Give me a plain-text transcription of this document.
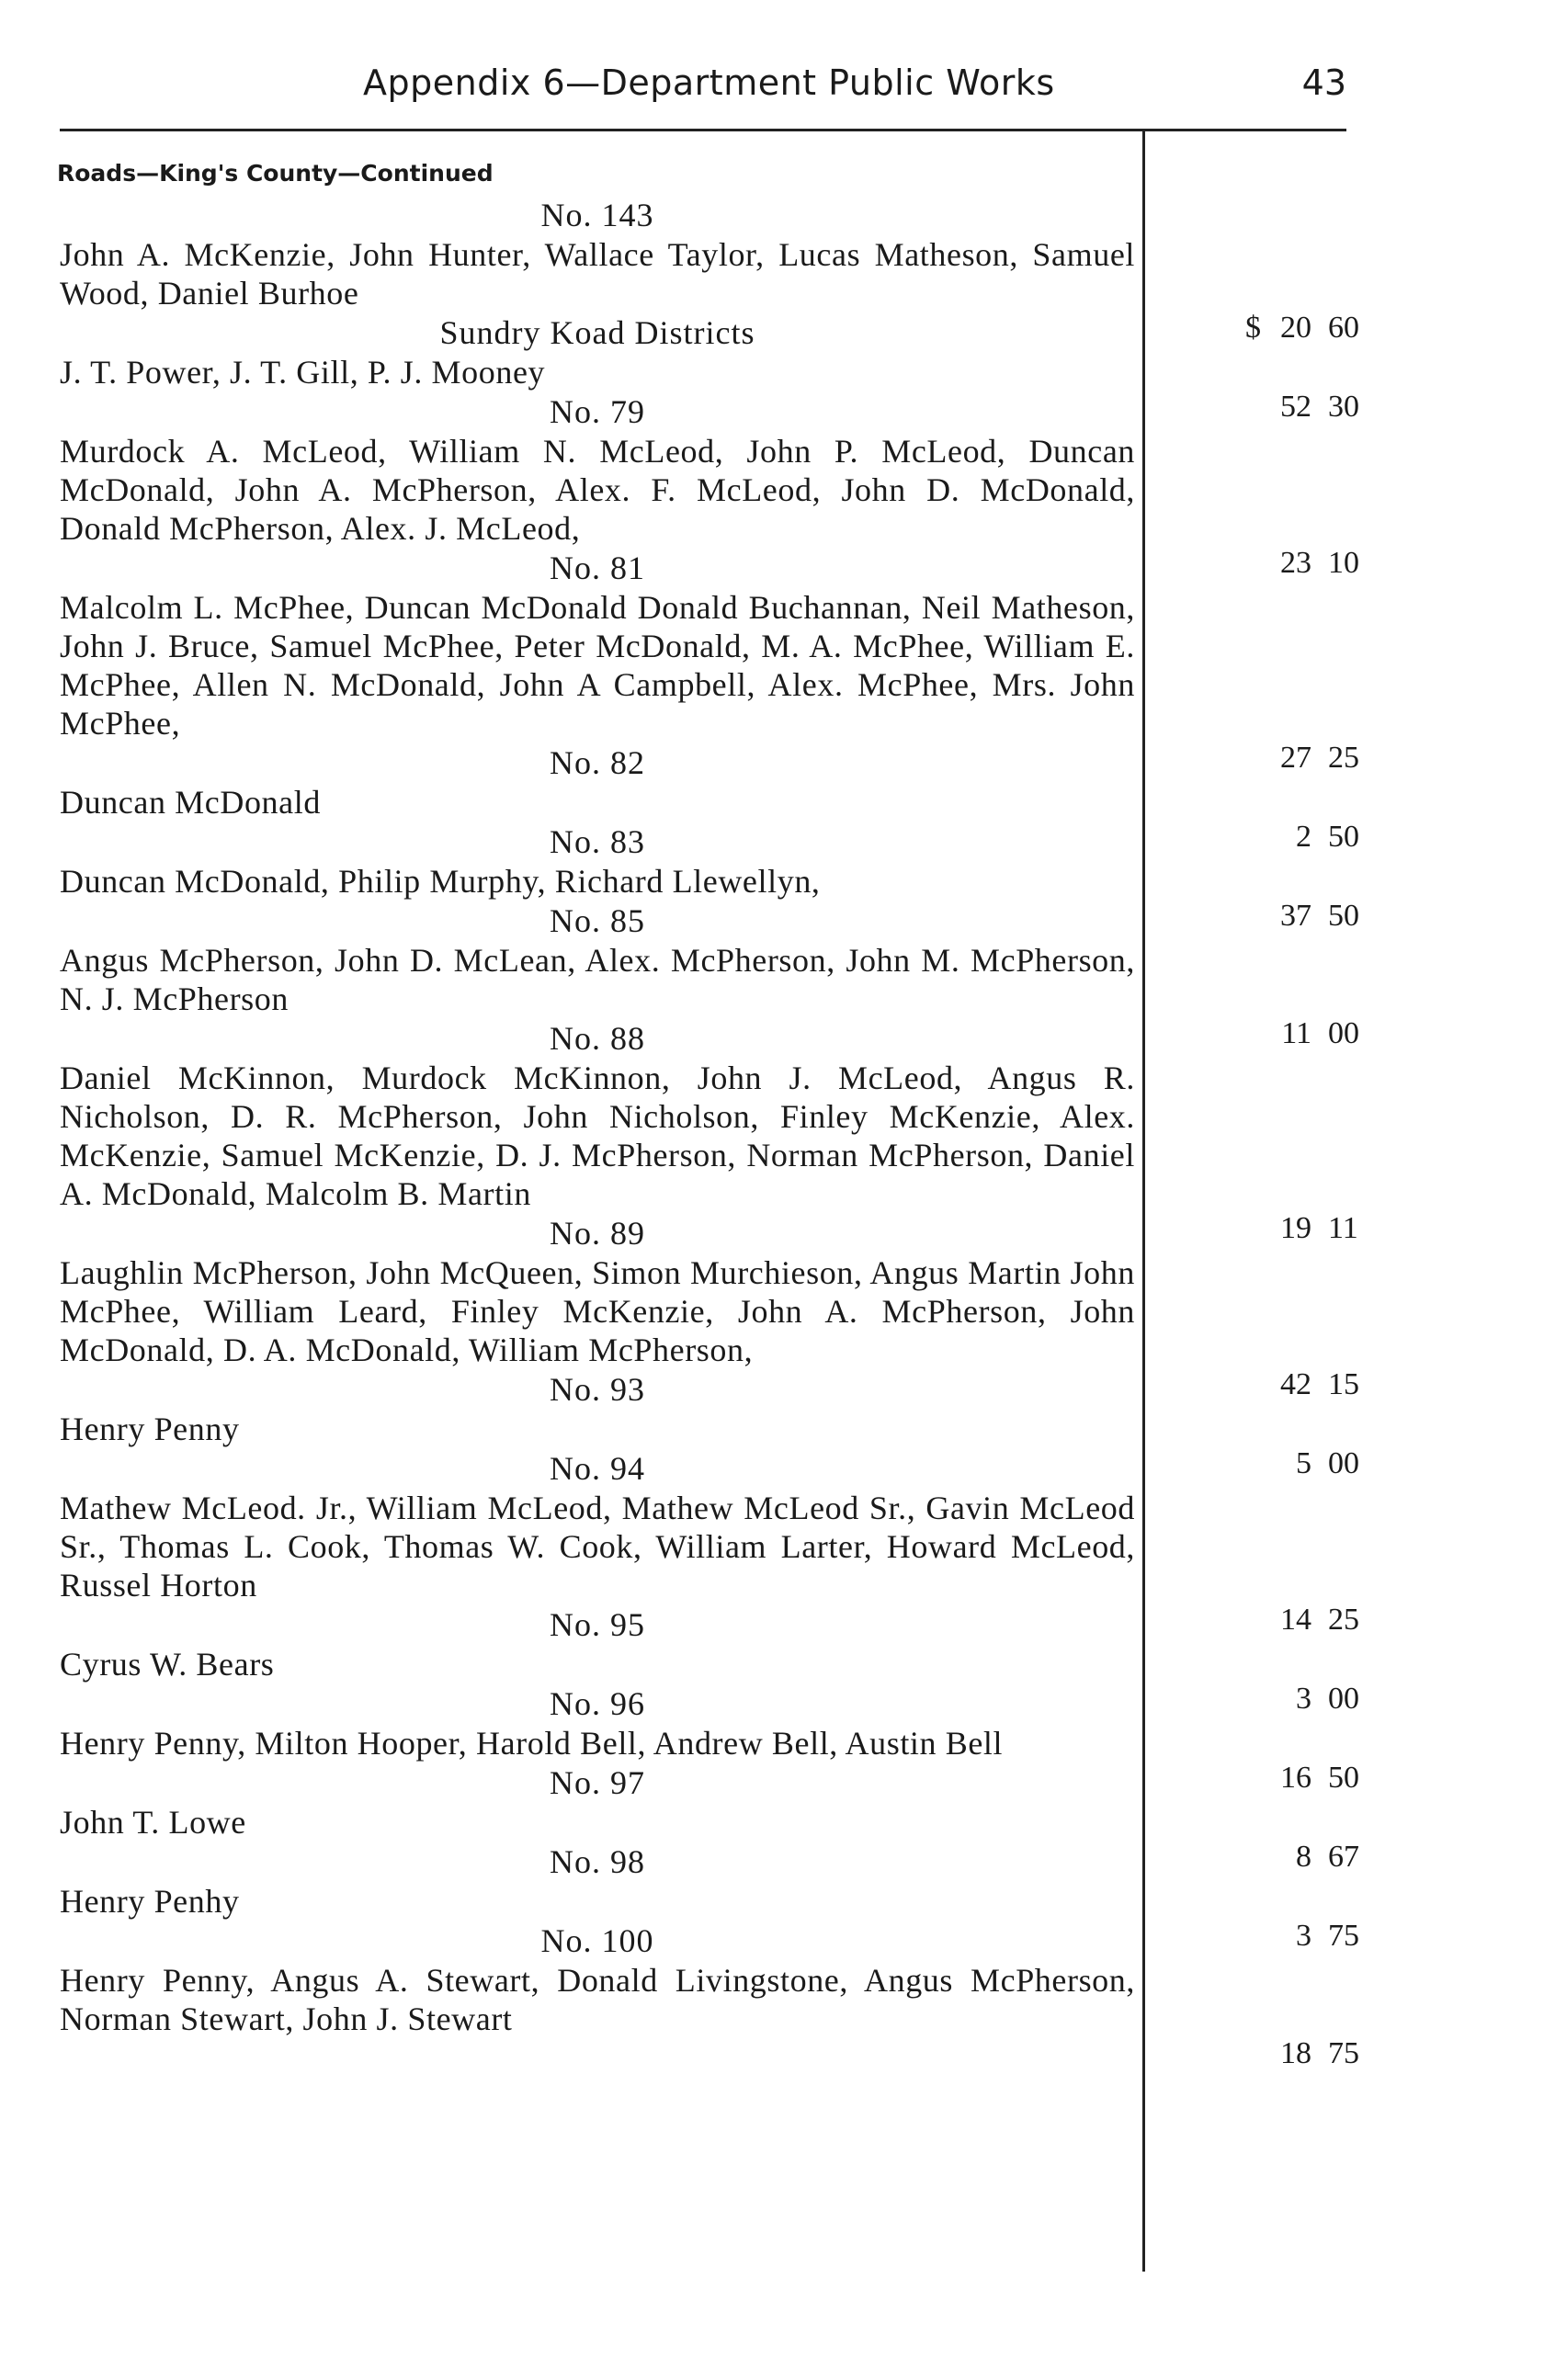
Appendix 6—Department Public Works	43
Roads—King's County—Continued
No. 143
John A. McKenzie, John Hunter, Wallace Taylor, Lucas Matheson, Samuel Wood, Daniel Burhoe
$ 20 60
Sundry Koad Districts
J. T. Power, J. T. Gill, P. J. Mooney
52 30
No. 79
Murdock A. McLeod, William N. McLeod, John P. McLeod, Duncan McDonald, John A. McPherson, Alex. F. McLeod, John D. McDonald, Donald McPherson, Alex. J. McLeod,
23 10
No. 81
Malcolm L. McPhee, Duncan McDonald Donald Buchannan, Neil Matheson, John J. Bruce, Samuel McPhee, Peter McDonald, M. A. McPhee, William E. McPhee, Allen N. McDonald, John A Campbell, Alex. McPhee, Mrs. John McPhee,
27 25
No. 82
Duncan McDonald
2 50
No. 83
Duncan McDonald, Philip Murphy, Richard Llewellyn,
37 50
No. 85
Angus McPherson, John D. McLean, Alex. McPherson, John M. McPherson, N. J. McPherson
11 00
No. 88
Daniel McKinnon, Murdock McKinnon, John J. McLeod, Angus R. Nicholson, D. R. McPherson, John Nicholson, Finley McKenzie, Alex. McKenzie, Samuel McKenzie, D. J. McPherson, Norman McPherson, Daniel A. McDonald, Malcolm B. Martin
19 11
No. 89
Laughlin McPherson, John McQueen, Simon Murchieson, Angus Martin John McPhee, William Leard, Finley McKenzie, John A. McPherson, John McDonald, D. A. McDonald, William McPherson,
42 15
No. 93
Henry Penny
5 00
No. 94
Mathew McLeod. Jr., William McLeod, Mathew McLeod Sr., Gavin McLeod Sr., Thomas L. Cook, Thomas W. Cook, William Larter, Howard McLeod, Russel Horton
14 25
No. 95
Cyrus W. Bears
3 00
No. 96
Henry Penny, Milton Hooper, Harold Bell, Andrew Bell, Austin Bell
16 50
No. 97
John T. Lowe
8 67
No. 98
Henry Penhy
3 75
No. 100
Henry Penny, Angus A. Stewart, Donald Livingstone, Angus McPherson, Norman Stewart, John J. Stewart
18 75
